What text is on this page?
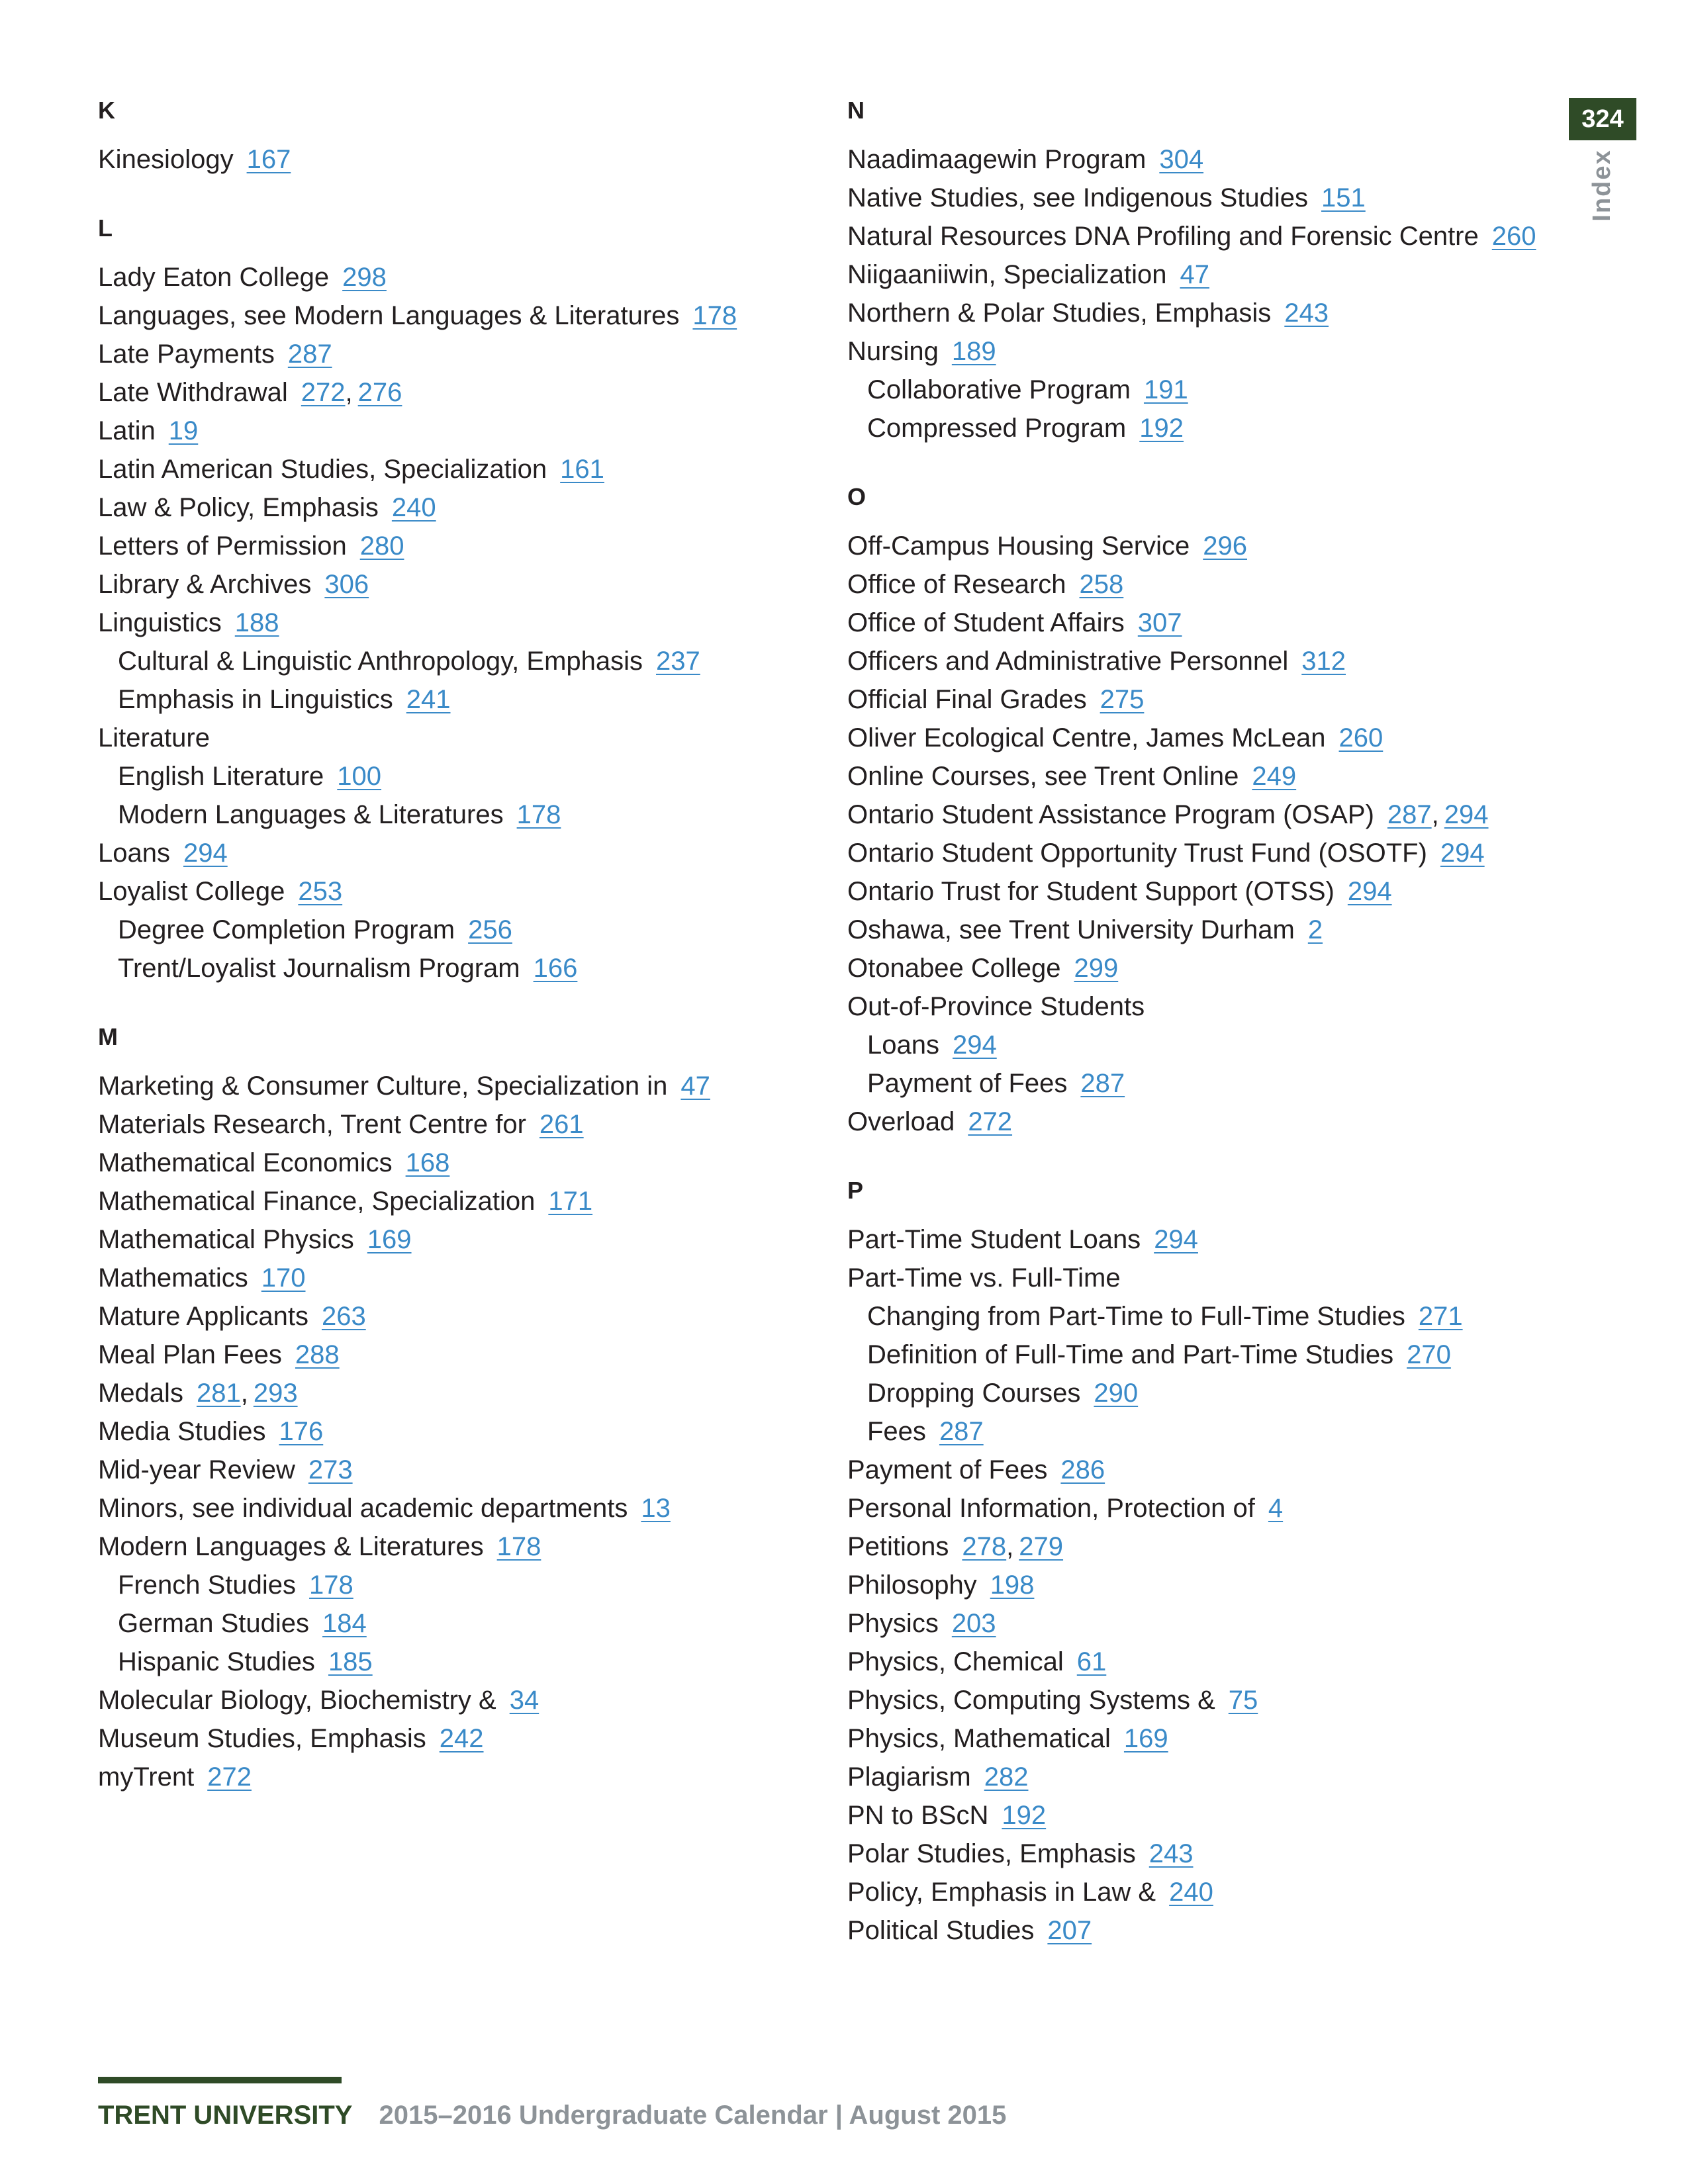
K
Kinesiology 167
L
Lady Eaton College 298
Languages, see Modern Languages & Literatures 178
Late Payments 287
Late Withdrawal 272, 276
Latin 19
Latin American Studies, Specialization 161
Law & Policy, Emphasis 240
Letters of Permission 280
Library & Archives 306
Linguistics 188
Cultural & Linguistic Anthropology, Emphasis 237
Emphasis in Linguistics 241
Literature
English Literature 100
Modern Languages & Literatures 178
Loans 294
Loyalist College 253
Degree Completion Program 256
Trent/Loyalist Journalism Program 166
M
Marketing & Consumer Culture, Specialization in 47
Materials Research, Trent Centre for 261
Mathematical Economics 168
Mathematical Finance, Specialization 171
Mathematical Physics 169
Mathematics 170
Mature Applicants 263
Meal Plan Fees 288
Medals 281, 293
Media Studies 176
Mid-year Review 273
Minors, see individual academic departments 13
Modern Languages & Literatures 178
French Studies 178
German Studies 184
Hispanic Studies 185
Molecular Biology, Biochemistry & 34
Museum Studies, Emphasis 242
myTrent 272
N
Naadimaagewin Program 304
Native Studies, see Indigenous Studies 151
Natural Resources DNA Profiling and Forensic Centre 260
Niigaaniiwin, Specialization 47
Northern & Polar Studies, Emphasis 243
Nursing 189
Collaborative Program 191
Compressed Program 192
O
Off-Campus Housing Service 296
Office of Research 258
Office of Student Affairs 307
Officers and Administrative Personnel 312
Official Final Grades 275
Oliver Ecological Centre, James McLean 260
Online Courses, see Trent Online 249
Ontario Student Assistance Program (OSAP) 287, 294
Ontario Student Opportunity Trust Fund (OSOTF) 294
Ontario Trust for Student Support (OTSS) 294
Oshawa, see Trent University Durham 2
Otonabee College 299
Out-of-Province Students
Loans 294
Payment of Fees 287
Overload 272
P
Part-Time Student Loans 294
Part-Time vs. Full-Time
Changing from Part-Time to Full-Time Studies 271
Definition of Full-Time and Part-Time Studies 270
Dropping Courses 290
Fees 287
Payment of Fees 286
Personal Information, Protection of 4
Petitions 278, 279
Philosophy 198
Physics 203
Physics, Chemical 61
Physics, Computing Systems & 75
Physics, Mathematical 169
Plagiarism 282
PN to BScN 192
Polar Studies, Emphasis 243
Policy, Emphasis in Law & 240
Political Studies 207
324
Index
TRENT UNIVERSITY 2015–2016 Undergraduate Calendar | August 2015
